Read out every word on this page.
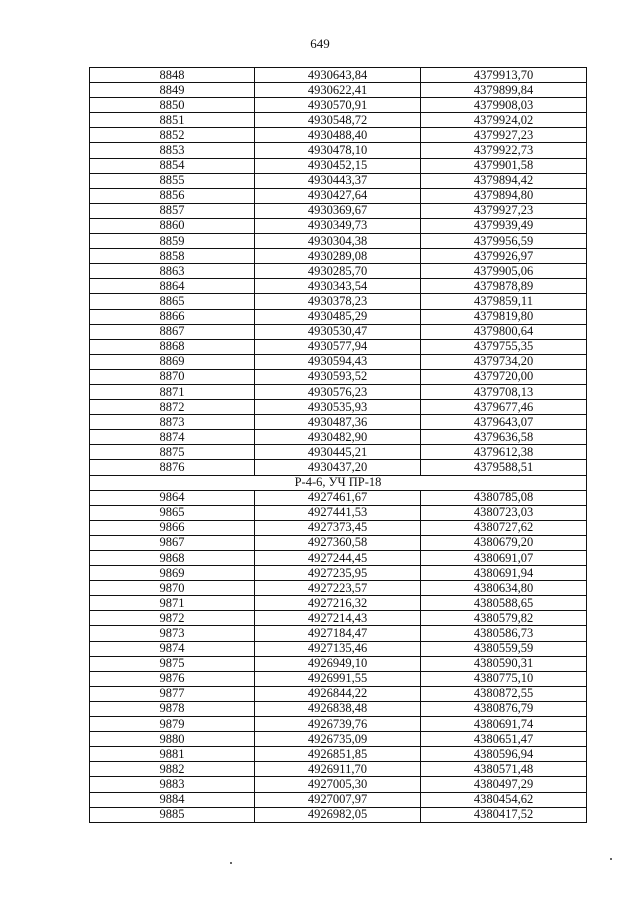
649
8848	4930643,84	4379913,70
8849	4930622,41	4379899,84
8850	4930570,91	4379908,03
8851	4930548,72	4379924,02
8852	4930488,40	4379927,23
8853	4930478,10	4379922,73
8854	4930452,15	4379901,58
8855	4930443,37	4379894,42
8856	4930427,64	4379894,80
8857	4930369,67	4379927,23
8860	4930349,73	4379939,49
8859	4930304,38	4379956,59
8858	4930289,08	4379926,97
8863	4930285,70	4379905,06
8864	4930343,54	4379878,89
8865	4930378,23	4379859,11
8866	4930485,29	4379819,80
8867	4930530,47	4379800,64
8868	4930577,94	4379755,35
8869	4930594,43	4379734,20
8870	4930593,52	4379720,00
8871	4930576,23	4379708,13
8872	4930535,93	4379677,46
8873	4930487,36	4379643,07
8874	4930482,90	4379636,58
8875	4930445,21	4379612,38
8876	4930437,20	4379588,51
Р-4-6, УЧ ПР-18		
9864	4927461,67	4380785,08
9865	4927441,53	4380723,03
9866	4927373,45	4380727,62
9867	4927360,58	4380679,20
9868	4927244,45	4380691,07
9869	4927235,95	4380691,94
9870	4927223,57	4380634,80
9871	4927216,32	4380588,65
9872	4927214,43	4380579,82
9873	4927184,47	4380586,73
9874	4927135,46	4380559,59
9875	4926949,10	4380590,31
9876	4926991,55	4380775,10
9877	4926844,22	4380872,55
9878	4926838,48	4380876,79
9879	4926739,76	4380691,74
9880	4926735,09	4380651,47
9881	4926851,85	4380596,94
9882	4926911,70	4380571,48
9883	4927005,30	4380497,29
9884	4927007,97	4380454,62
9885	4926982,05	4380417,52
